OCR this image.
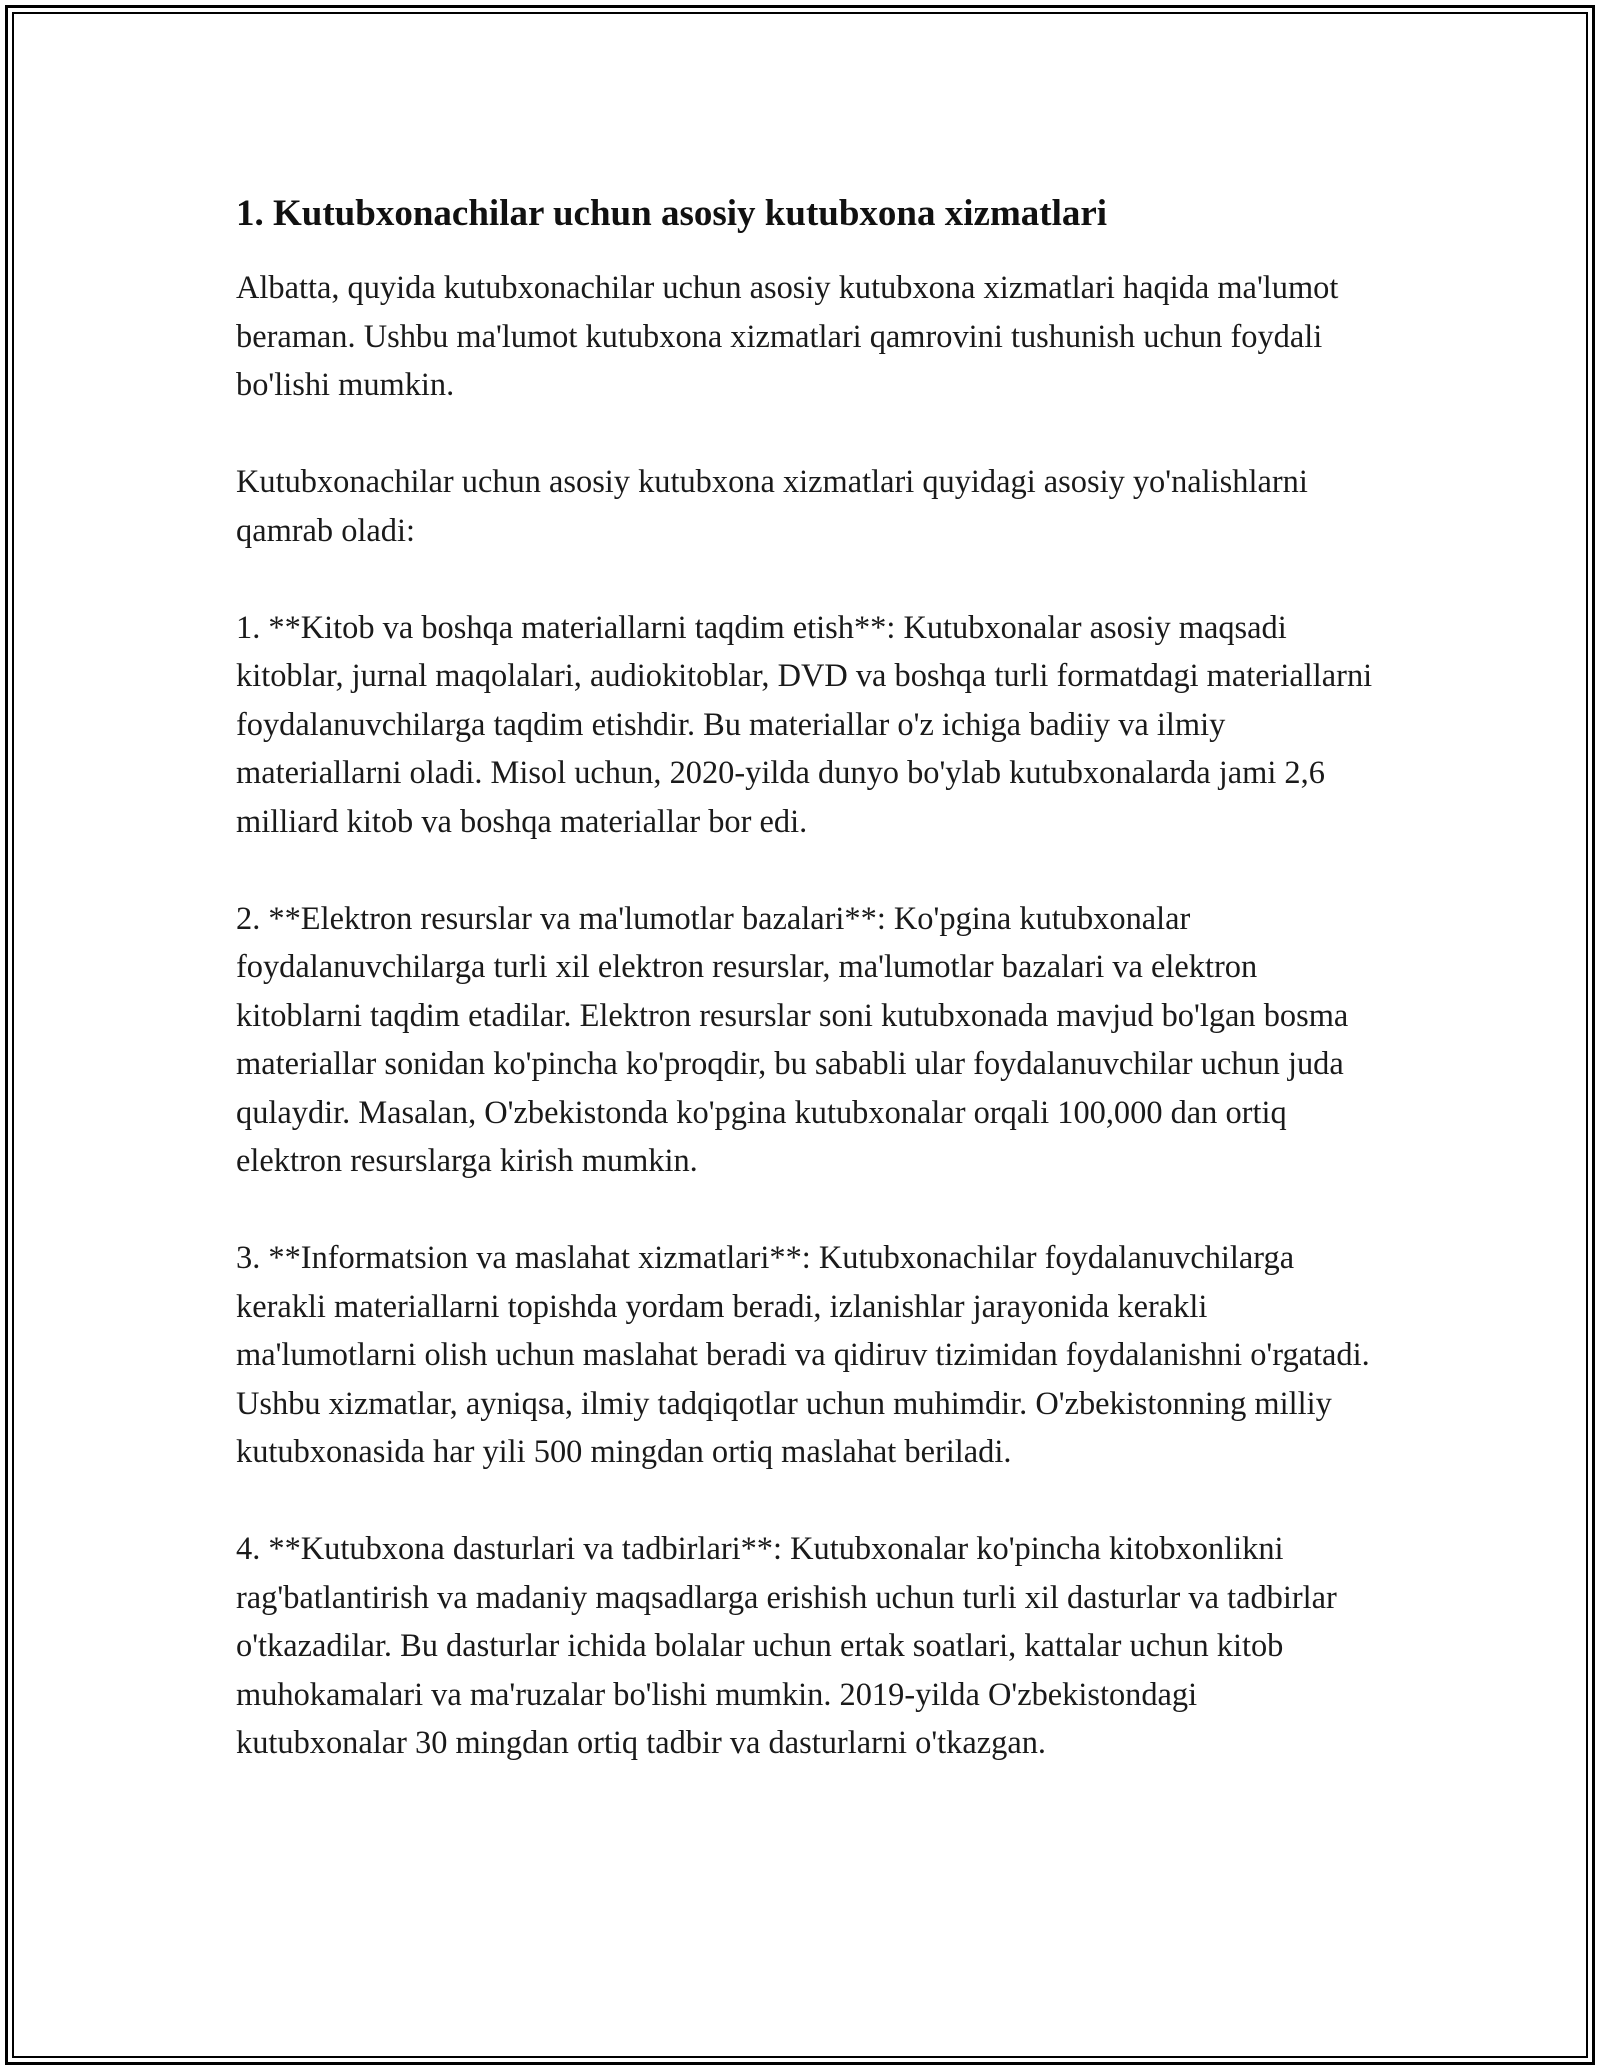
1. Kutubxonachilar uchun asosiy kutubxona xizmatlari

Albatta, quyida kutubxonachilar uchun asosiy kutubxona xizmatlari haqida ma'lumot beraman. Ushbu ma'lumot kutubxona xizmatlari qamrovini tushunish uchun foydali bo'lishi mumkin.

Kutubxonachilar uchun asosiy kutubxona xizmatlari quyidagi asosiy yo'nalishlarni qamrab oladi:

1. **Kitob va boshqa materiallarni taqdim etish**: Kutubxonalar asosiy maqsadi kitoblar, jurnal maqolalari, audiokitoblar, DVD va boshqa turli formatdagi materiallarni foydalanuvchilarga taqdim etishdir. Bu materiallar o'z ichiga badiiy va ilmiy materiallarni oladi. Misol uchun, 2020-yilda dunyo bo'ylab kutubxonalarda jami 2,6 milliard kitob va boshqa materiallar bor edi.

2. **Elektron resurslar va ma'lumotlar bazalari**: Ko'pgina kutubxonalar foydalanuvchilarga turli xil elektron resurslar, ma'lumotlar bazalari va elektron kitoblarni taqdim etadilar. Elektron resurslar soni kutubxonada mavjud bo'lgan bosma materiallar sonidan ko'pincha ko'proqdir, bu sababli ular foydalanuvchilar uchun juda qulaydir. Masalan, O'zbekistonda ko'pgina kutubxonalar orqali 100,000 dan ortiq elektron resurslarga kirish mumkin.

3. **Informatsion va maslahat xizmatlari**: Kutubxonachilar foydalanuvchilarga kerakli materiallarni topishda yordam beradi, izlanishlar jarayonida kerakli ma'lumotlarni olish uchun maslahat beradi va qidiruv tizimidan foydalanishni o'rgatadi. Ushbu xizmatlar, ayniqsa, ilmiy tadqiqotlar uchun muhimdir. O'zbekistonning milliy kutubxonasida har yili 500 mingdan ortiq maslahat beriladi.

4. **Kutubxona dasturlari va tadbirlari**: Kutubxonalar ko'pincha kitobxonlikni rag'batlantirish va madaniy maqsadlarga erishish uchun turli xil dasturlar va tadbirlar o'tkazadilar. Bu dasturlar ichida bolalar uchun ertak soatlari, kattalar uchun kitob muhokamalari va ma'ruzalar bo'lishi mumkin. 2019-yilda O'zbekistondagi kutubxonalar 30 mingdan ortiq tadbir va dasturlarni o'tkazgan.
